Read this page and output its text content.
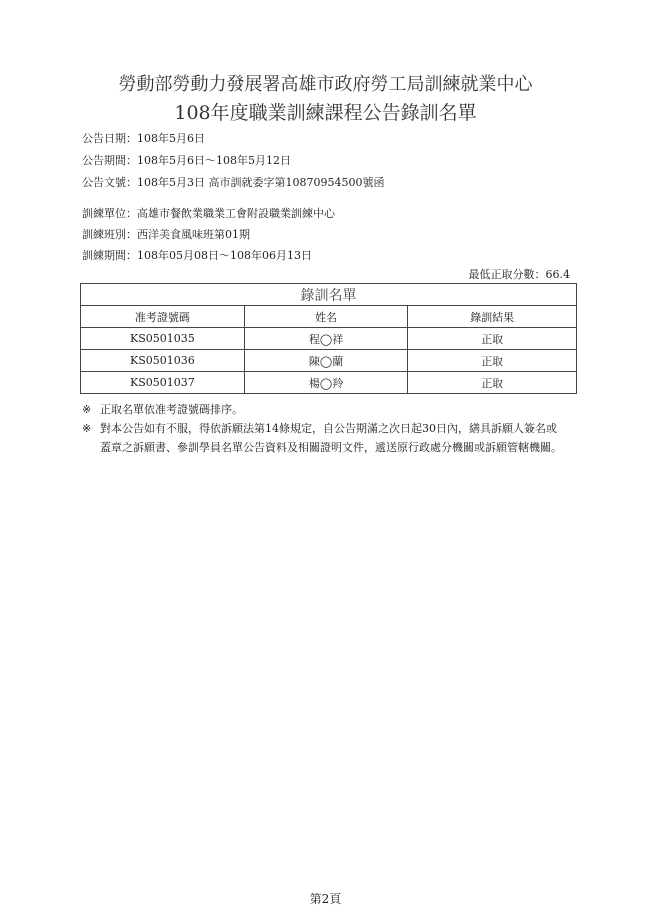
勞動部勞動力發展署高雄市政府勞工局訓練就業中心
108年度職業訓練課程公告錄訓名單
公告日期：108年5月6日
公告期間：108年5月6日～108年5月12日
公告文號：108年5月3日 高市訓就委字第10870954500號函
訓練單位：高雄市餐飲業職業工會附設職業訓練中心
訓練班別：西洋美食風味班第01期
訓練期間：108年05月08日～108年06月13日
最低正取分數：66.4
錄訓名單		
准考證號碼	姓名	錄訓結果
KS0501035	程◯祥	正取
KS0501036	陳◯蘭	正取
KS0501037	楊◯羚	正取
※ 正取名單依准考證號碼排序。
※ 對本公告如有不服，得依訴願法第14條規定，自公告期滿之次日起30日內，繕具訴願人簽名或蓋章之訴願書、參訓學員名單公告資料及相關證明文件，遞送原行政處分機關或訴願管轄機關。
第2頁
